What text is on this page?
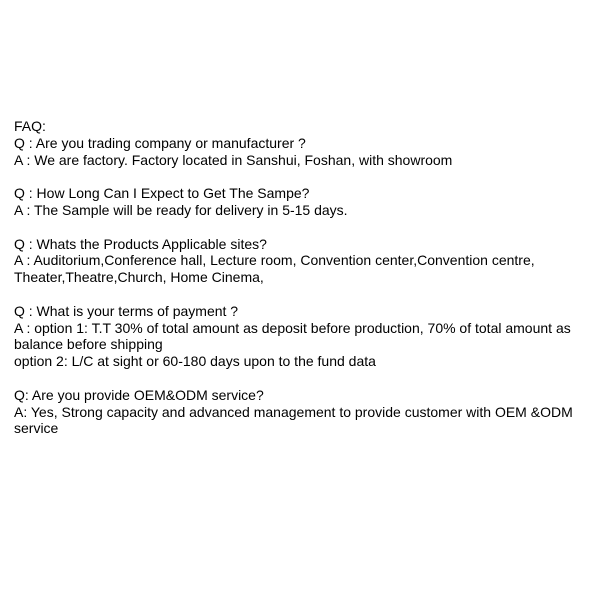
FAQ:
Q : Are you trading company or manufacturer ?
A : We are factory. Factory located in Sanshui, Foshan, with showroom
Q : How Long Can I Expect to Get The Sampe?
A : The Sample will be ready for delivery in 5-15 days.
Q : Whats the Products Applicable sites?
A : Auditorium,Conference hall, Lecture room, Convention center,Convention centre, Theater,Theatre,Church, Home Cinema,
Q : What is your terms of payment ?
A : option 1: T.T 30% of total amount as deposit before production, 70% of total amount as balance before shipping
option 2: L/C at sight or 60-180 days upon to the fund data
Q: Are you provide OEM&ODM service?
A: Yes, Strong capacity and advanced management to provide customer with OEM &ODM service
